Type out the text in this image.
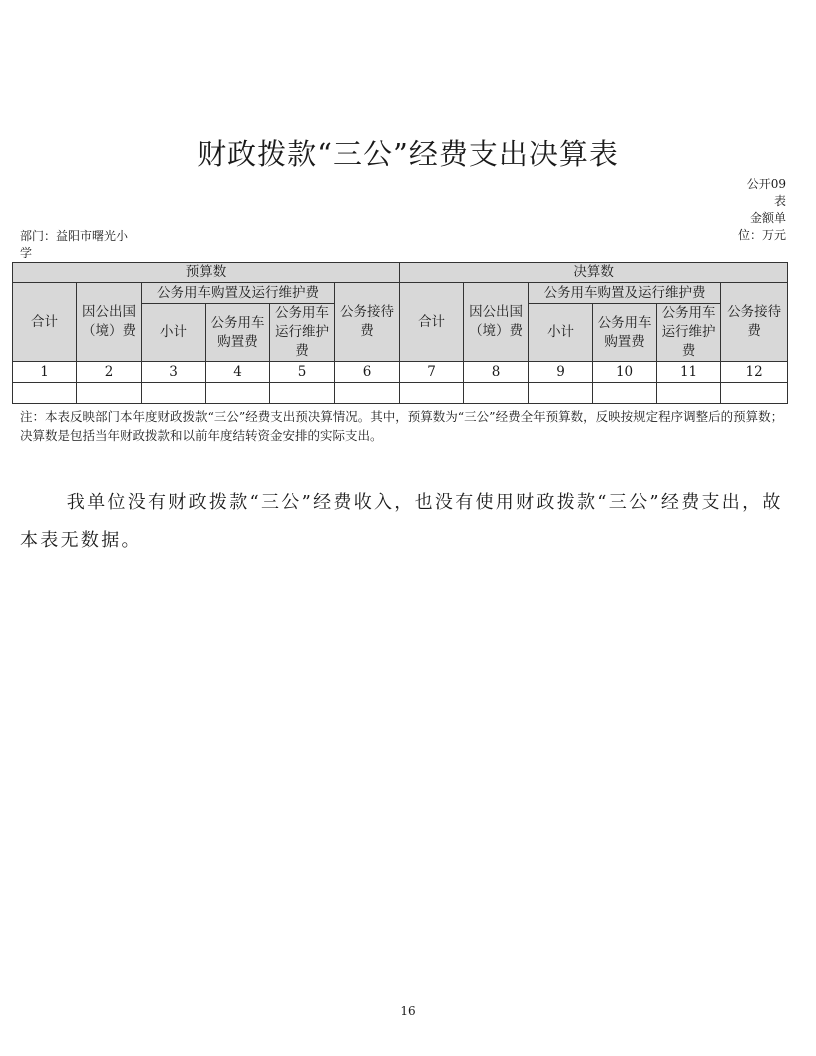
财政拨款“三公”经费支出决算表
公开09表
金额单位：万元
部门：益阳市曙光小学
预算数						决算数					
合计	因公出国（境）费	公务用车购置及运行维护费			公务接待费	合计	因公出国（境）费	公务用车购置及运行维护费			公务接待费
		小计	公务用车购置费	公务用车运行维护费				小计	公务用车购置费	公务用车运行维护费	
1	2	3	4	5	6	7	8	9	10	11	12

注：本表反映部门本年度财政拨款“三公”经费支出预决算情况。其中，预算数为“三公”经费全年预算数，反映按规定程序调整后的预算数；决算数是包括当年财政拨款和以前年度结转资金安排的实际支出。
我单位没有财政拨款“三公”经费收入，也没有使用财政拨款“三公”经费支出，故本表无数据。
16
